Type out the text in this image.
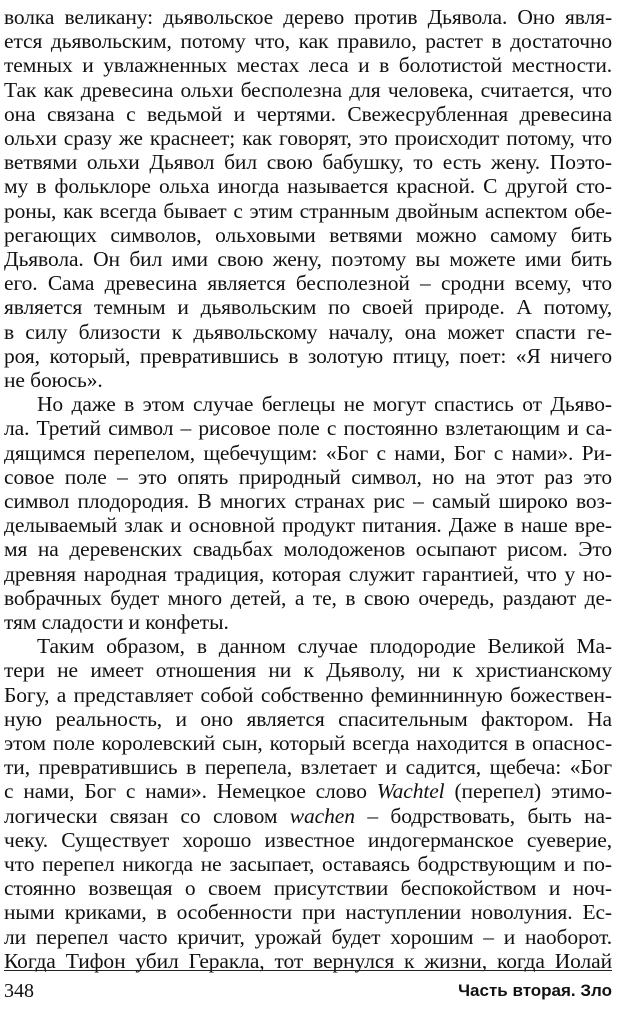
волка великану: дьявольское дерево против Дьявола. Оно явля-
ется дьявольским, потому что, как правило, растет в достаточно
темных и увлажненных местах леса и в болотистой местности.
Так как древесина ольхи бесполезна для человека, считается, что
она связана с ведьмой и чертями. Свежесрубленная древесина
ольхи сразу же краснеет; как говорят, это происходит потому, что
ветвями ольхи Дьявол бил свою бабушку, то есть жену. Поэто-
му в фольклоре ольха иногда называется красной. С другой сто-
роны, как всегда бывает с этим странным двойным аспектом обе-
регающих символов, ольховыми ветвями можно самому бить
Дьявола. Он бил ими свою жену, поэтому вы можете ими бить
его. Сама древесина является бесполезной – сродни всему, что
является темным и дьявольским по своей природе. А потому,
в силу близости к дьявольскому началу, она может спасти ге-
роя, который, превратившись в золотую птицу, поет: «Я ничего
не боюсь».
Но даже в этом случае беглецы не могут спастись от Дьяво-
ла. Третий символ – рисовое поле с постоянно взлетающим и са-
дящимся перепелом, щебечущим: «Бог с нами, Бог с нами». Ри-
совое поле – это опять природный символ, но на этот раз это
символ плодородия. В многих странах рис – самый широко воз-
делываемый злак и основной продукт питания. Даже в наше вре-
мя на деревенских свадьбах молодоженов осыпают рисом. Это
древняя народная традиция, которая служит гарантией, что у но-
вобрачных будет много детей, а те, в свою очередь, раздают де-
тям сладости и конфеты.
Таким образом, в данном случае плодородие Великой Ма-
тери не имеет отношения ни к Дьяволу, ни к христианскому
Богу, а представляет собой собственно феминнинную божествен-
ную реальность, и оно является спасительным фактором. На
этом поле королевский сын, который всегда находится в опаснос-
ти, превратившись в перепела, взлетает и садится, щебеча: «Бог
с нами, Бог с нами». Немецкое слово Wachtel (перепел) этимо-
логически связан со словом wachen – бодрствовать, быть на-
чеку. Существует хорошо известное индогерманское суеверие,
что перепел никогда не засыпает, оставаясь бодрствующим и по-
стоянно возвещая о своем присутствии беспокойством и ноч-
ными криками, в особенности при наступлении новолуния. Ес-
ли перепел часто кричит, урожай будет хорошим – и наоборот.
Когда Тифон убил Геракла, тот вернулся к жизни, когда Иолай
348	Часть вторая. Зло
